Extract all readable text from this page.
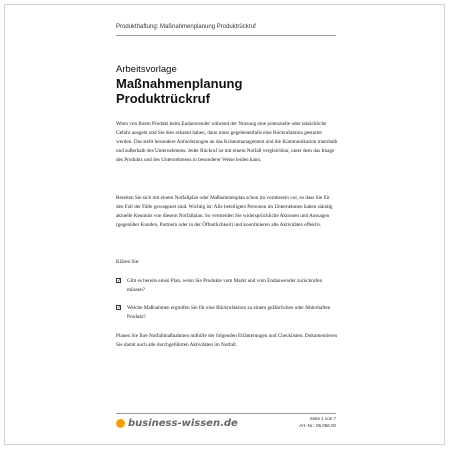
Produkthaftung: Maßnahmenplanung Produktrückruf
Arbeitsvorlage
Maßnahmenplanung
Produktrückruf
Wenn von Ihrem Produkt beim Endanwender während der Nutzung eine potenzielle oder tatsächliche Gefahr ausgeht und Sie dies erkannt haben, dann muss gegebenenfalls eine Rückrufaktion gestartet werden. Das stellt besondere Anforderungen an das Krisenmanagement und die Kommunikation innerhalb und außerhalb des Unternehmens. Jeder Rückruf ist mit einem Notfall vergleichbar, unter dem das Image des Produkts und des Unternehmens in besonderer Weise leiden kann.
Bereiten Sie sich mit einem Notfallplan oder Maßnahmenplan schon im vornherein vor, so dass Sie für den Fall der Fälle gewappnet sind. Wichtig ist: Alle beteiligten Personen im Unternehmen haben ständig aktuelle Kenntnis von diesem Notfallplan. So vermeiden Sie widersprüchliche Aktionen und Aussagen (gegenüber Kunden, Partnern oder in der Öffentlichkeit) und koordinieren alle Aktivitäten effektiv.
Klären Sie:
✓ Gibt es bereits einen Plan, wenn Sie Produkte vom Markt und vom Endanwender zurückrufen müssen?
✓ Welche Maßnahmen ergreifen Sie für eine Rückrufaktion zu einem gefährlichen oder fehlerhaften Produkt?
Planen Sie Ihre Notfallmaßnahmen mithilfe der folgenden Erläuterungen und Checklisten. Dokumentieren Sie damit auch alle durchgeführten Aktivitäten im Notfall.
business-wissen.de	Seite 1 von 7
Art.-Nr.: 06.066.00
